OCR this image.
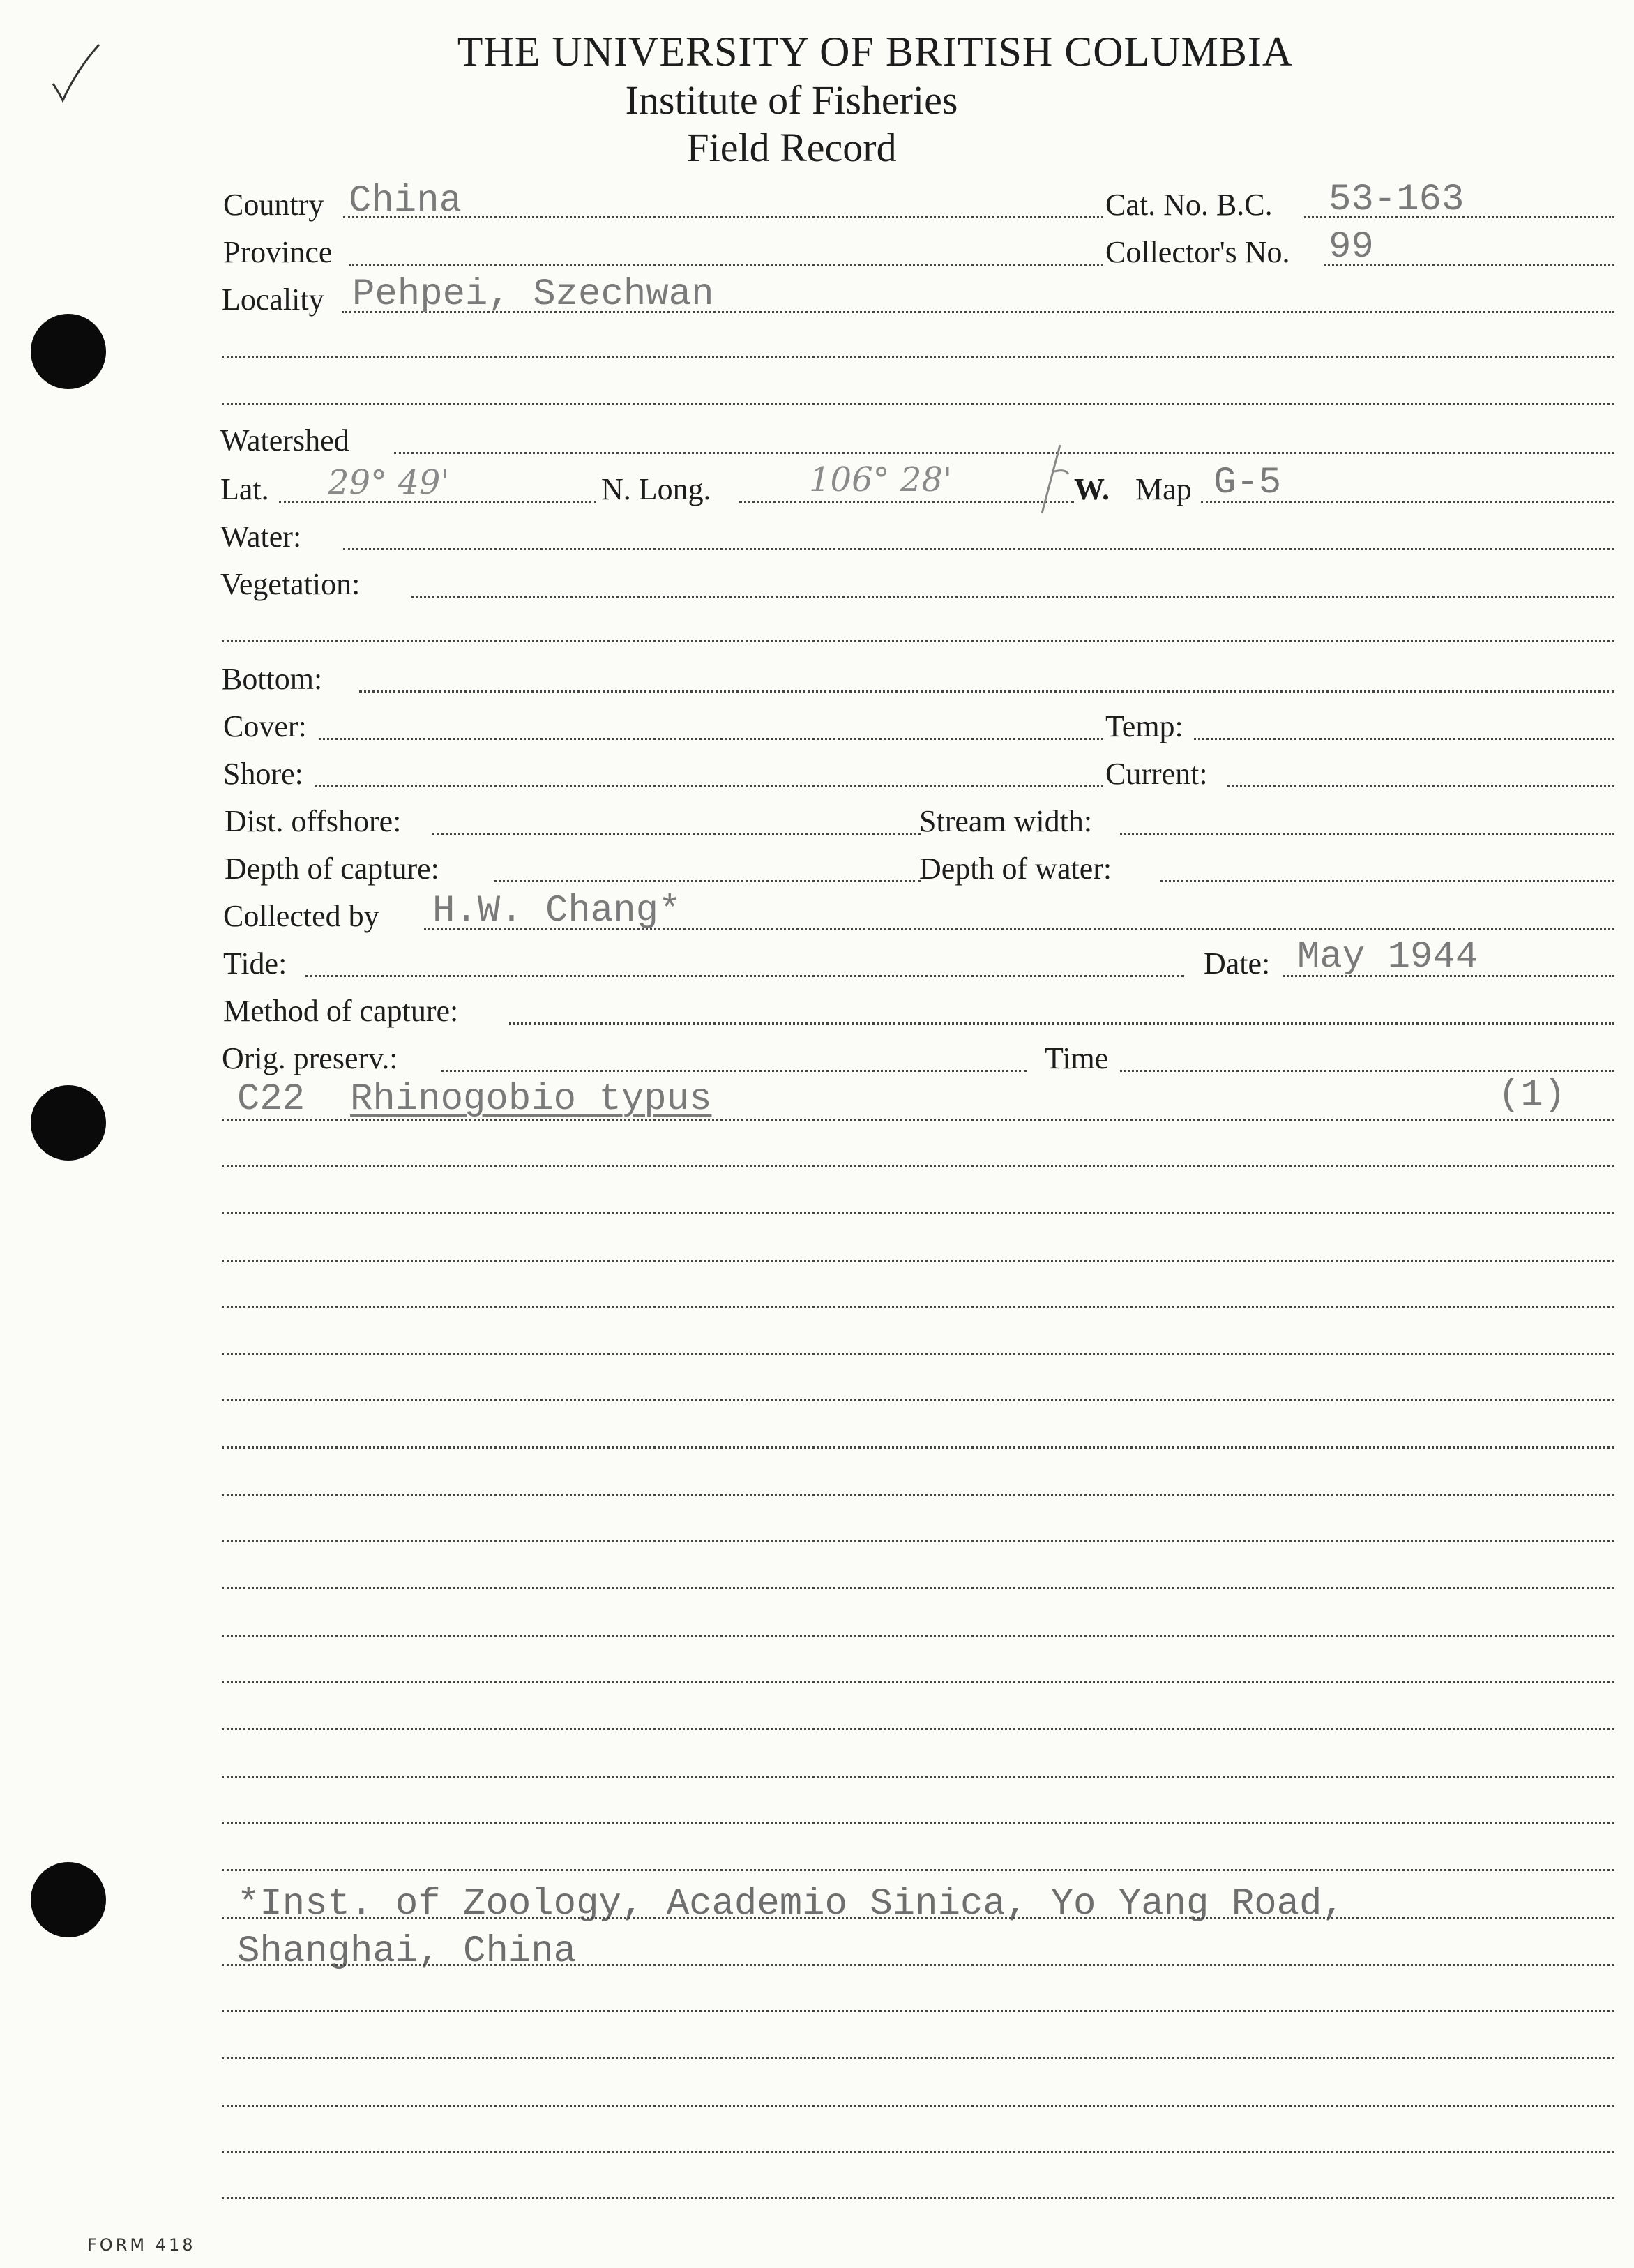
THE UNIVERSITY OF BRITISH COLUMBIA
Institute of Fisheries
Field Record
Country China	Cat. No. B.C. 53-163
Province	Collector's No. 99
Locality Pehpei, Szechwan
Watershed
Lat. 29° 49'	N. Long.	106° 28'	W. Map G-5
Water:
Vegetation:
Bottom:
Cover:	Temp:
Shore:	Current:
Dist. offshore:	Stream width:
Depth of capture:	Depth of water:
Collected by H.W. Chang*
Tide:	Date: May 1944
Method of capture:
Orig. preserv.:	Time
C22 Rhinogobio typus	(1)
*Inst. of Zoology, Academio Sinica, Yo Yang Road,
Shanghai, China
FORM 418
